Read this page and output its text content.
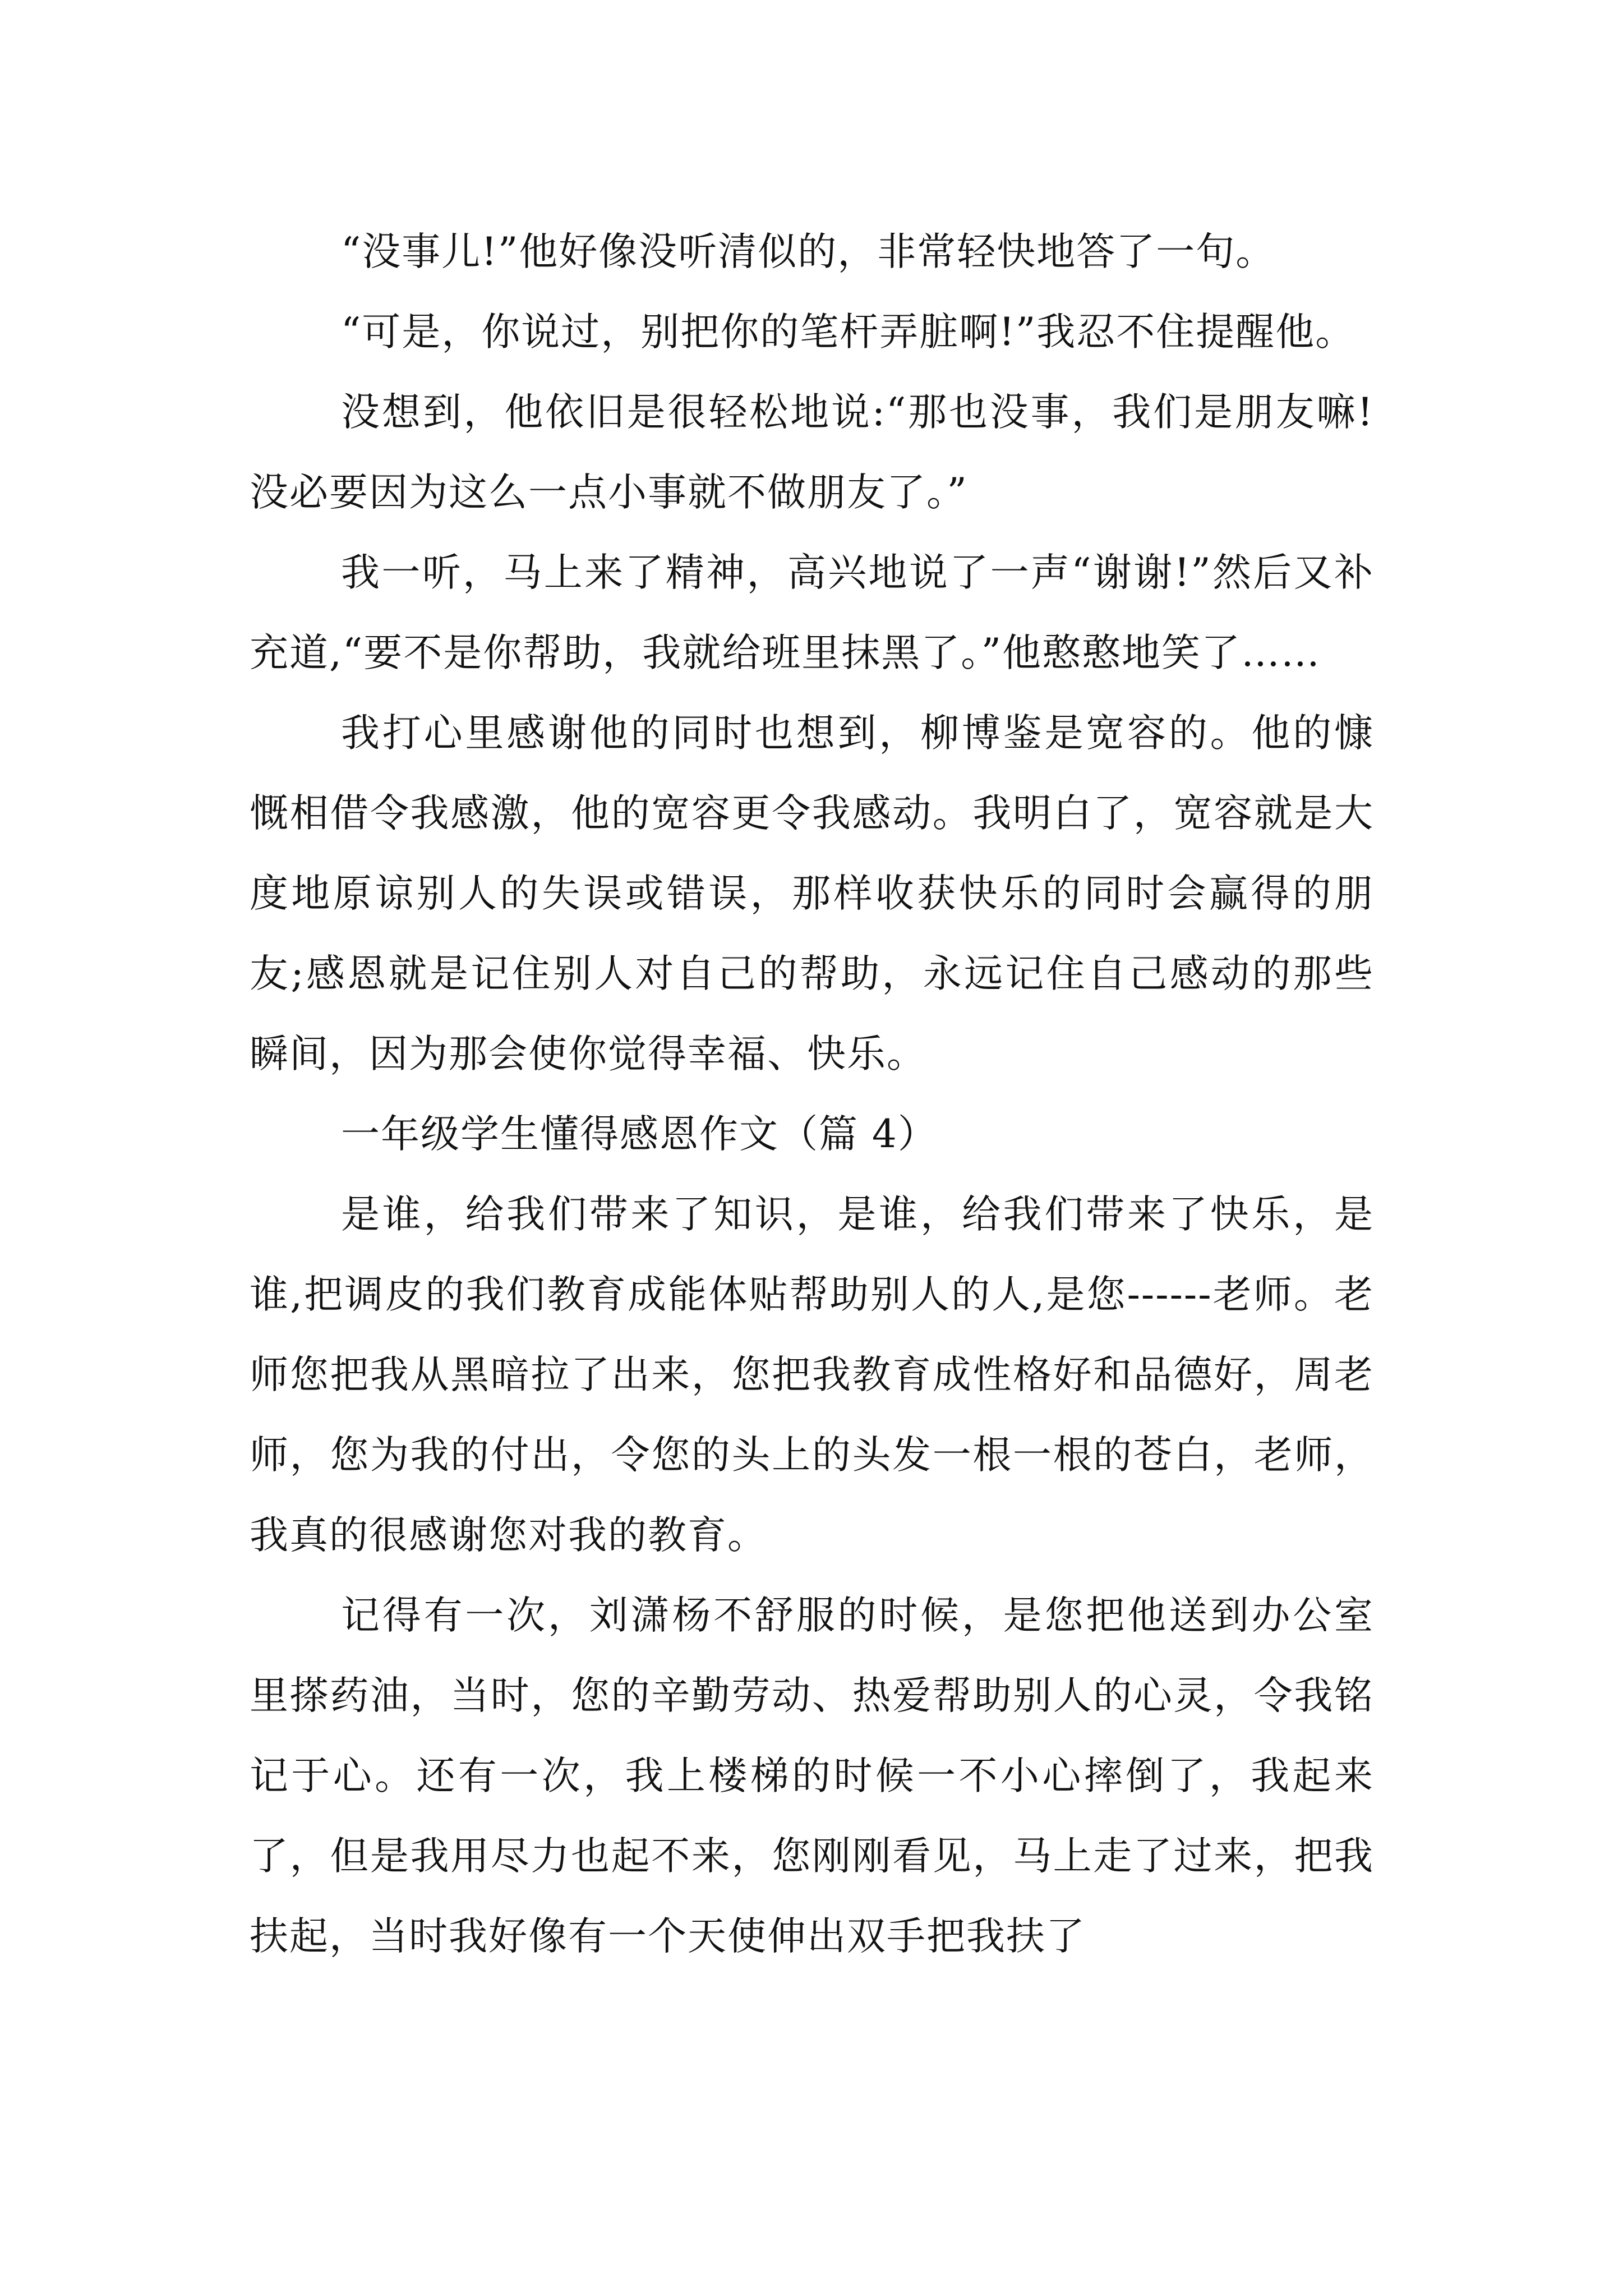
“没事儿!”他好像没听清似的，非常轻快地答了一句。

“可是，你说过，别把你的笔杆弄脏啊!”我忍不住提醒他。

没想到，他依旧是很轻松地说:“那也没事，我们是朋友嘛!没必要因为这么一点小事就不做朋友了。”

我一听，马上来了精神，高兴地说了一声“谢谢!”然后又补充道,“要不是你帮助，我就给班里抹黑了。”他憨憨地笑了……

我打心里感谢他的同时也想到，柳博鉴是宽容的。他的慷慨相借令我感激，他的宽容更令我感动。我明白了，宽容就是大度地原谅别人的失误或错误，那样收获快乐的同时会赢得的朋友;感恩就是记住别人对自己的帮助，永远记住自己感动的那些瞬间，因为那会使你觉得幸福、快乐。

一年级学生懂得感恩作文（篇 4）

是谁，给我们带来了知识，是谁，给我们带来了快乐，是谁,把调皮的我们教育成能体贴帮助别人的人,是您------老师。老师您把我从黑暗拉了出来，您把我教育成性格好和品德好，周老师，您为我的付出，令您的头上的头发一根一根的苍白，老师，我真的很感谢您对我的教育。

记得有一次，刘潇杨不舒服的时候，是您把他送到办公室里搽药油，当时，您的辛勤劳动、热爱帮助别人的心灵，令我铭记于心。还有一次，我上楼梯的时候一不小心摔倒了，我起来了，但是我用尽力也起不来，您刚刚看见，马上走了过来，把我扶起，当时我好像有一个天使伸出双手把我扶了
